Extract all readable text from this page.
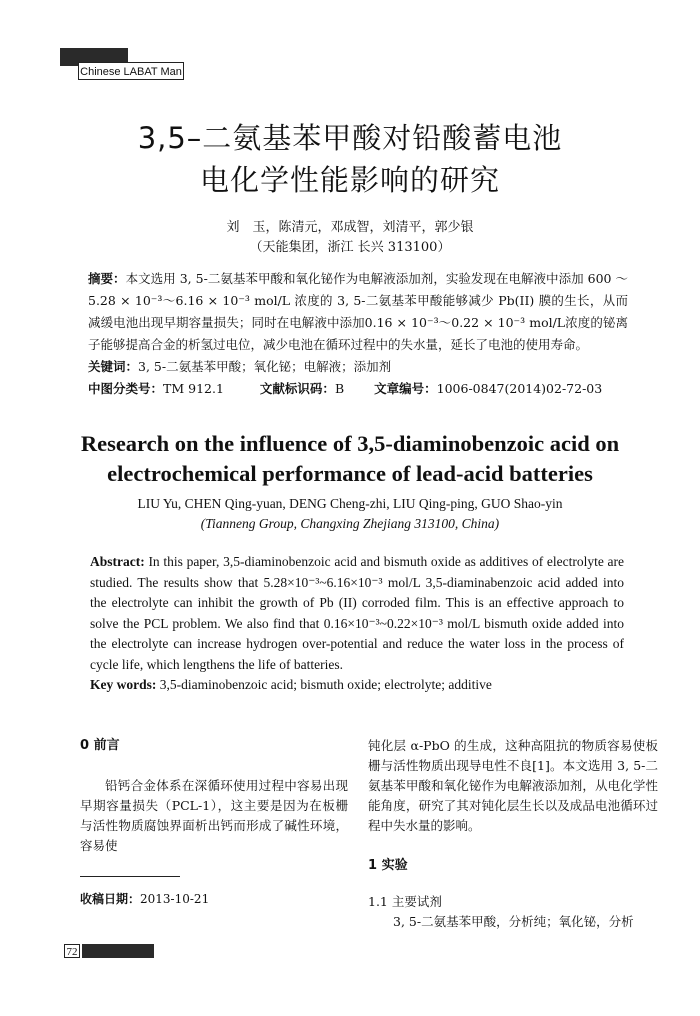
Chinese LABAT Man
3,5–二氨基苯甲酸对铅酸蓄电池
电化学性能影响的研究
刘　玉，陈清元，邓成智，刘清平，郭少银
（天能集团，浙江 长兴 313100）

摘要：本文选用 3, 5-二氨基苯甲酸和氧化铋作为电解液添加剂，实验发现在电解液中添加 600 ～5.28 × 10⁻³～6.16 × 10⁻³ mol/L 浓度的 3, 5-二氨基苯甲酸能够减少 Pb(II) 膜的生长，从而减缓电池出现早期容量损失；同时在电解液中添加0.16 × 10⁻³～0.22 × 10⁻³ mol/L浓度的铋离子能够提高合金的析氢过电位，减少电池在循环过程中的失水量，延长了电池的使用寿命。

关键词：3, 5-二氨基苯甲酸；氧化铋；电解液；添加剂

中图分类号：TM 912.1	文献标识码：B 文章编号：1006-0847(2014)02-72-03

Research on the influence of 3,5-diaminobenzoic acid on
electrochemical performance of lead-acid batteries
LIU Yu, CHEN Qing-yuan, DENG Cheng-zhi, LIU Qing-ping, GUO Shao-yin
(Tianneng Group, Changxing Zhejiang 313100, China)

Abstract: In this paper, 3,5-diaminobenzoic acid and bismuth oxide as additives of electrolyte are studied. The results show that 5.28×10⁻³~6.16×10⁻³ mol/L 3,5-diaminabenzoic acid added into the electrolyte can inhibit the growth of Pb (II) corroded film. This is an effective approach to solve the PCL problem. We also find that 0.16×10⁻³~0.22×10⁻³ mol/L bismuth oxide added into the electrolyte can increase hydrogen over-potential and reduce the water loss in the process of cycle life, which lengthens the life of batteries.

Key words: 3,5-diaminobenzoic acid; bismuth oxide; electrolyte; additive

0 前言

铅钙合金体系在深循环使用过程中容易出现早期容量损失（PCL-1），这主要是因为在板栅与活性物质腐蚀界面析出钙而形成了碱性环境，容易使

收稿日期：2013-10-21

钝化层 α-PbO 的生成，这种高阻抗的物质容易使板栅与活性物质出现导电性不良[1]。本文选用 3, 5-二氨基苯甲酸和氧化铋作为电解液添加剂，从电化学性能角度，研究了其对钝化层生长以及成品电池循环过程中失水量的影响。

1 实验

1.1 主要试剂

3, 5-二氨基苯甲酸，分析纯；氧化铋，分析

72
